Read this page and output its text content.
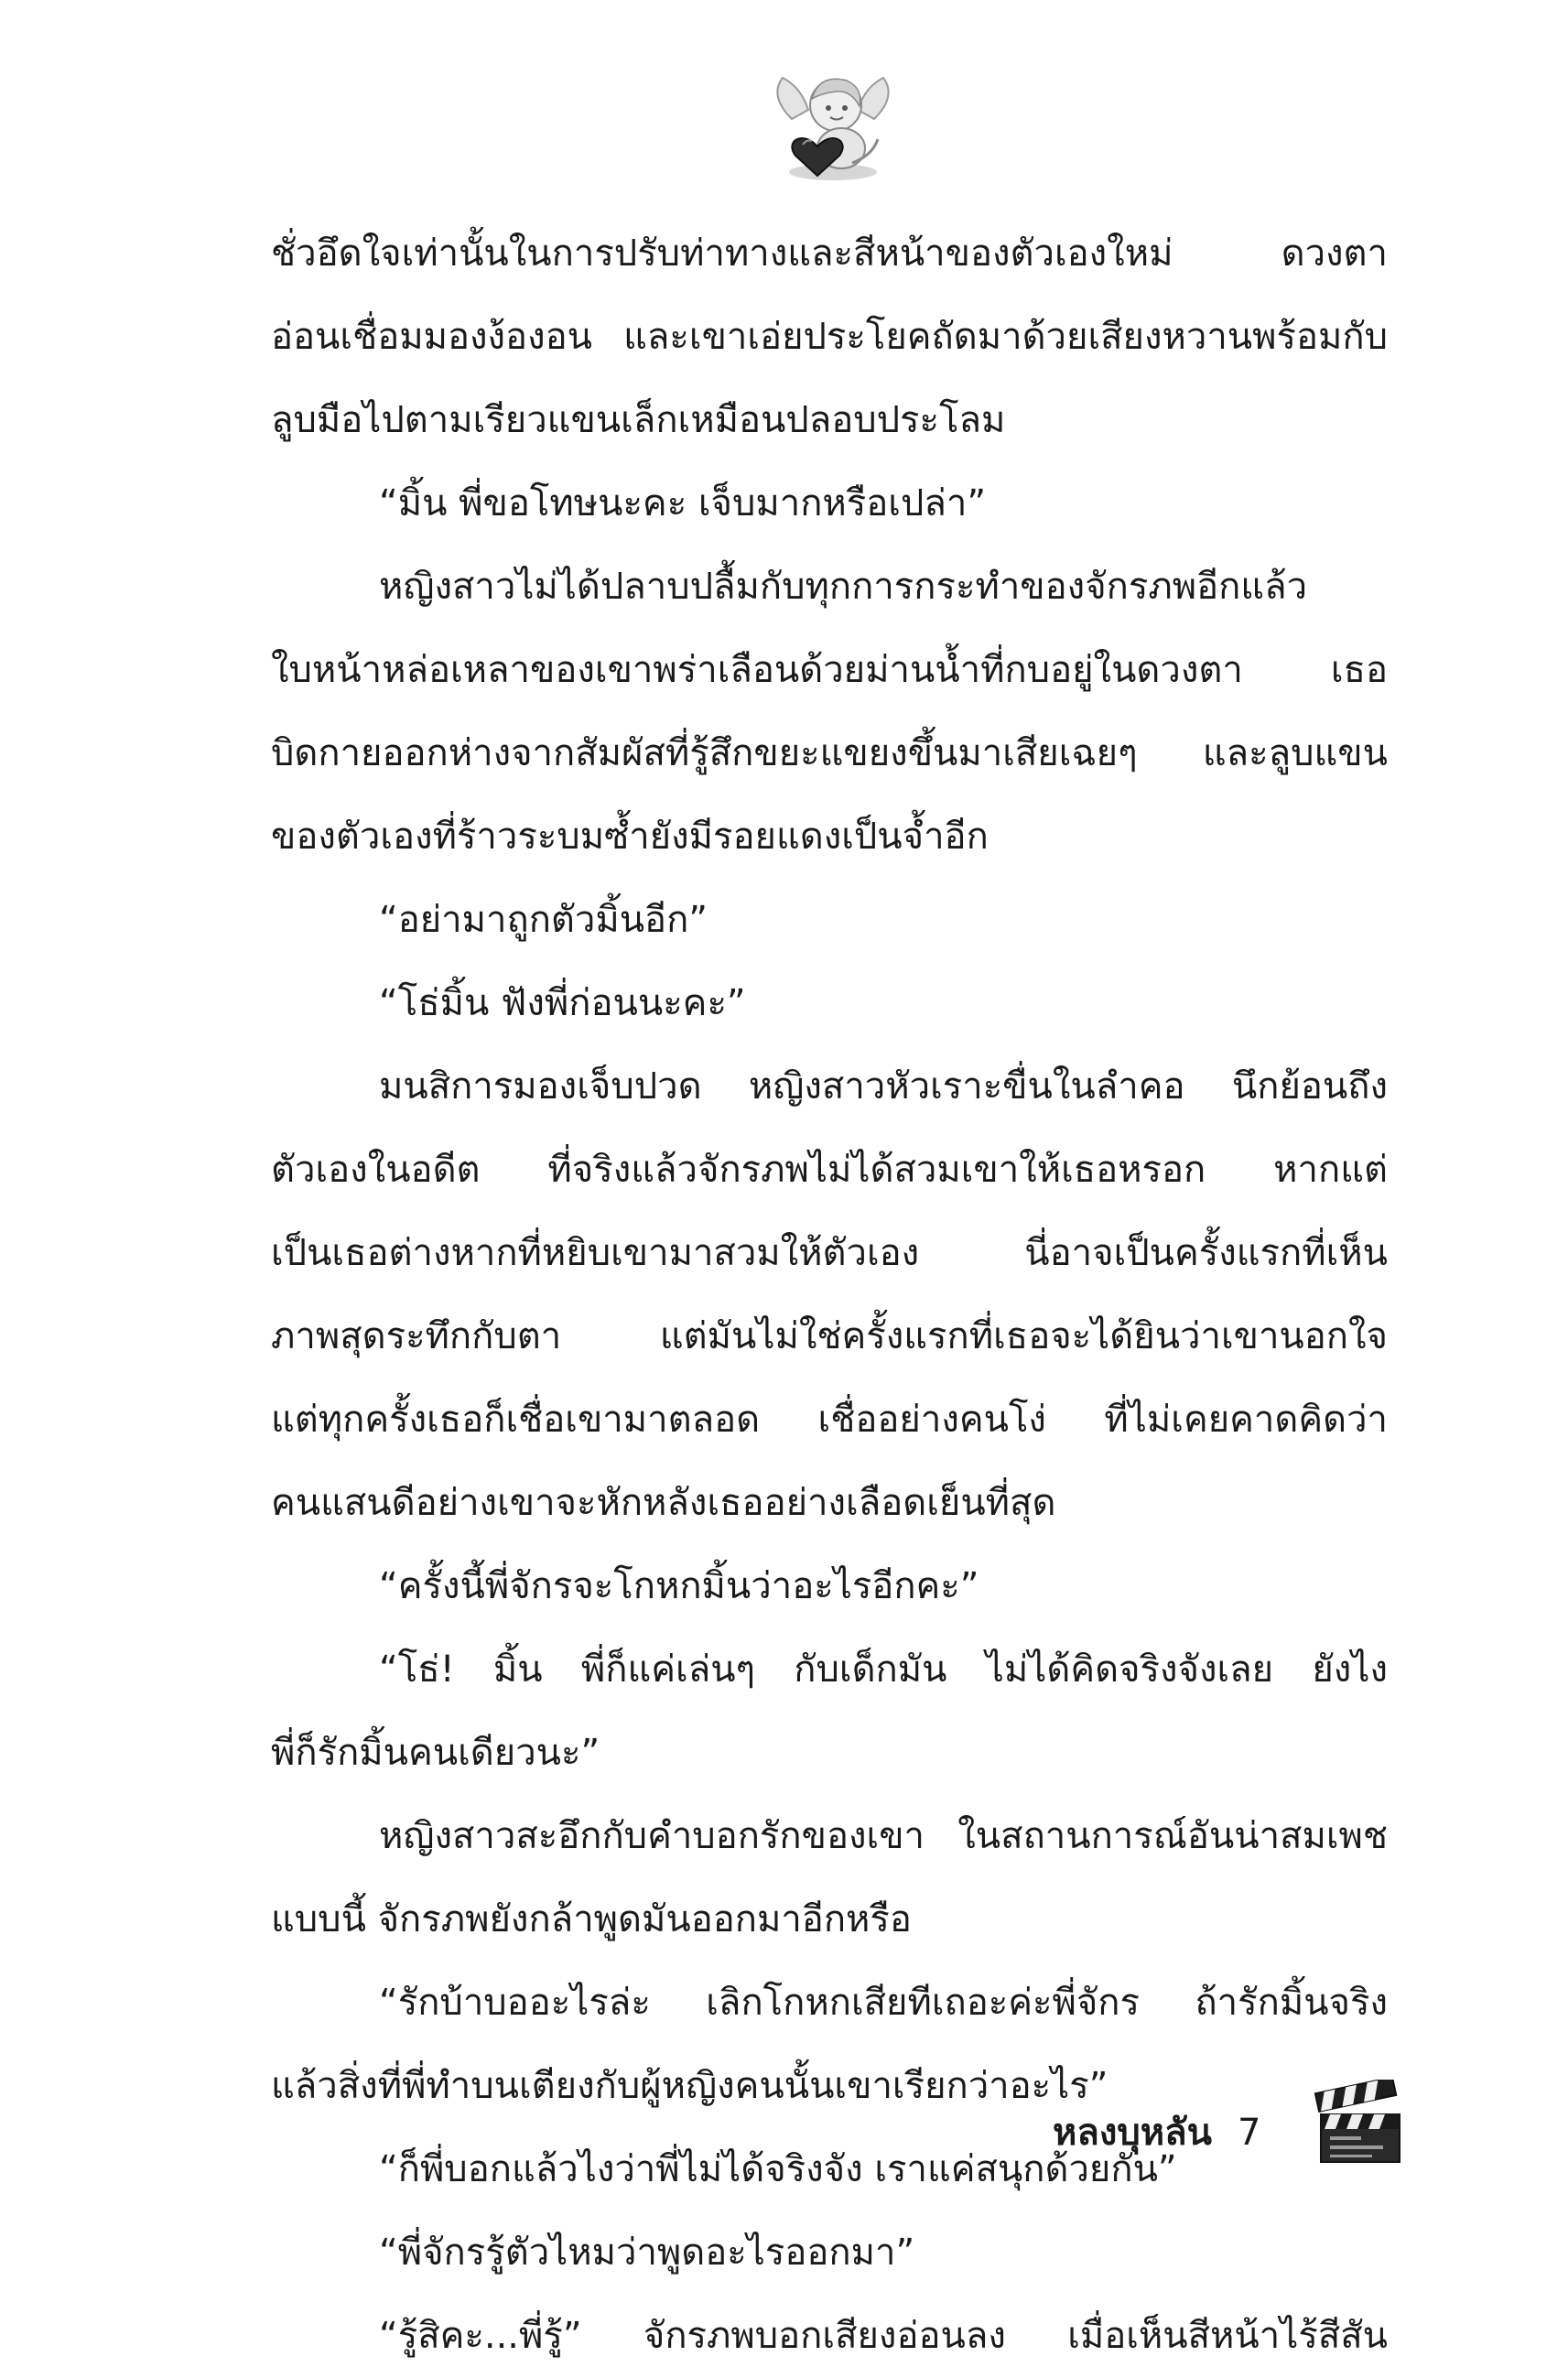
ชั่วอึดใจเท่านั้นในการปรับท่าทางและสีหน้าของตัวเองใหม่ ดวงตา
อ่อนเชื่อมมองง้องอน และเขาเอ่ยประโยคถัดมาด้วยเสียงหวานพร้อมกับ
ลูบมือไปตามเรียวแขนเล็กเหมือนปลอบประโลม
“มิ้น พี่ขอโทษนะคะ เจ็บมากหรือเปล่า”
หญิงสาวไม่ได้ปลาบปลื้มกับทุกการกระทำของจักรภพอีกแล้ว
ใบหน้าหล่อเหลาของเขาพร่าเลือนด้วยม่านน้ำที่กบอยู่ในดวงตา เธอ
บิดกายออกห่างจากสัมผัสที่รู้สึกขยะแขยงขึ้นมาเสียเฉยๆ และลูบแขน
ของตัวเองที่ร้าวระบมซ้ำยังมีรอยแดงเป็นจ้ำอีก
“อย่ามาถูกตัวมิ้นอีก”
“โธ่มิ้น ฟังพี่ก่อนนะคะ”
มนสิการมองเจ็บปวด หญิงสาวหัวเราะขื่นในลำคอ นึกย้อนถึง
ตัวเองในอดีต ที่จริงแล้วจักรภพไม่ได้สวมเขาให้เธอหรอก หากแต่
เป็นเธอต่างหากที่หยิบเขามาสวมให้ตัวเอง นี่อาจเป็นครั้งแรกที่เห็น
ภาพสุดระทึกกับตา แต่มันไม่ใช่ครั้งแรกที่เธอจะได้ยินว่าเขานอกใจ
แต่ทุกครั้งเธอก็เชื่อเขามาตลอด เชื่ออย่างคนโง่ ที่ไม่เคยคาดคิดว่า
คนแสนดีอย่างเขาจะหักหลังเธออย่างเลือดเย็นที่สุด
“ครั้งนี้พี่จักรจะโกหกมิ้นว่าอะไรอีกคะ”
“โธ่! มิ้น พี่ก็แค่เล่นๆ กับเด็กมัน ไม่ได้คิดจริงจังเลย ยังไง
พี่ก็รักมิ้นคนเดียวนะ”
หญิงสาวสะอึกกับคำบอกรักของเขา ในสถานการณ์อันน่าสมเพช
แบบนี้ จักรภพยังกล้าพูดมันออกมาอีกหรือ
“รักบ้าบออะไรล่ะ เลิกโกหกเสียทีเถอะค่ะพี่จักร ถ้ารักมิ้นจริง
แล้วสิ่งที่พี่ทำบนเตียงกับผู้หญิงคนนั้นเขาเรียกว่าอะไร”
“ก็พี่บอกแล้วไงว่าพี่ไม่ได้จริงจัง เราแค่สนุกด้วยกัน”
“พี่จักรรู้ตัวไหมว่าพูดอะไรออกมา”
“รู้สิคะ...พี่รู้” จักรภพบอกเสียงอ่อนลง เมื่อเห็นสีหน้าไร้สีสัน
หลงบุหลัน 7
